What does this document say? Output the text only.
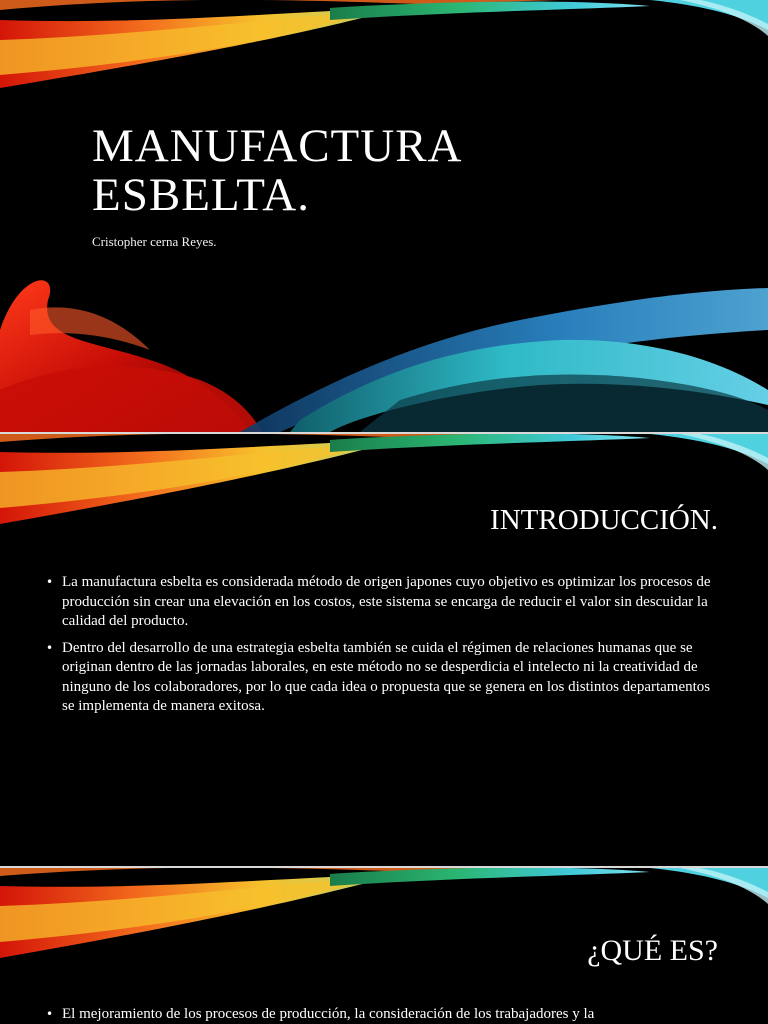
MANUFACTURA
ESBELTA.

Cristopher cerna Reyes.

INTRODUCCIÓN.
• La manufactura esbelta es considerada método de origen japones cuyo objetivo es optimizar los procesos de producción sin crear una elevación en los costos, este sistema se encarga de reducir el valor sin descuidar la calidad del producto.
• Dentro del desarrollo de una estrategia esbelta también se cuida el régimen de relaciones humanas que se originan dentro de las jornadas laborales, en este método no se desperdicia el intelecto ni la creatividad de ninguno de los colaboradores, por lo que cada idea o propuesta que se genera en los distintos departamentos se implementa de manera exitosa.
¿QUÉ ES?
• El mejoramiento de los procesos de producción, la consideración de los trabajadores y la
